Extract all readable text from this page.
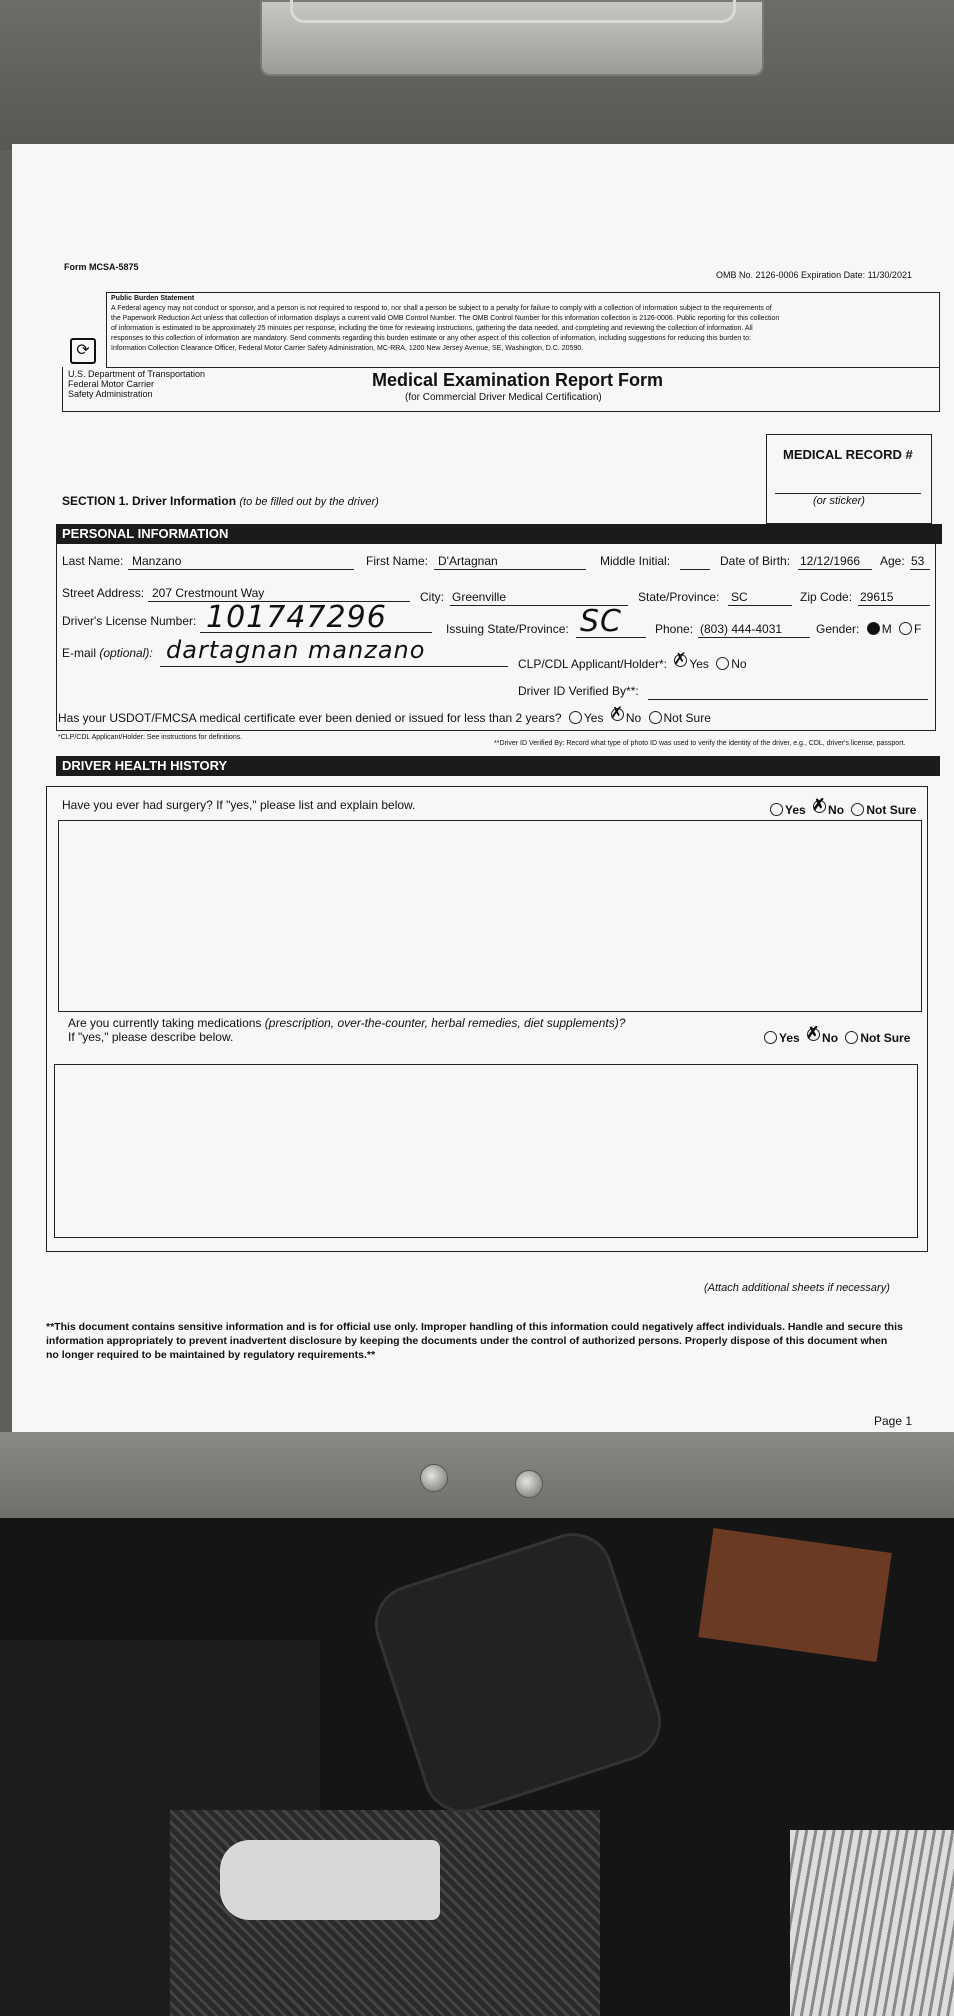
Form MCSA-5875
OMB No. 2126-0006 Expiration Date: 11/30/2021
Public Burden Statement
A Federal agency may not conduct or sponsor, and a person is not required to respond to, nor shall a person be subject to a penalty for failure to comply with a collection of information subject to the requirements of
the Paperwork Reduction Act unless that collection of information displays a current valid OMB Control Number. The OMB Control Number for this information collection is 2126-0006. Public reporting for this collection
of information is estimated to be approximately 25 minutes per response, including the time for reviewing instructions, gathering the data needed, and completing and reviewing the collection of information. All
responses to this collection of information are mandatory. Send comments regarding this burden estimate or any other aspect of this collection of information, including suggestions for reducing this burden to:
Information Collection Clearance Officer, Federal Motor Carrier Safety Administration, MC-RRA, 1200 New Jersey Avenue, SE, Washington, D.C. 20590.
⟳
U.S. Department of Transportation
Federal Motor Carrier
Safety Administration
Medical Examination Report Form
(for Commercial Driver Medical Certification)
MEDICAL RECORD #
(or sticker)
SECTION 1. Driver Information (to be filled out by the driver)
PERSONAL INFORMATION
Last Name: Manzano	First Name: D'Artagnan	Middle Initial:	Date of Birth: 12/12/1966 Age: 53
Street Address: 207 Crestmount Way	City: Greenville	State/Province: SC	Zip Code: 29615
Driver's License Number: 101747296	Issuing State/Province: SC	Phone: (803) 444-4031	Gender: M F
E-mail (optional): dartagnan manzano	CLP/CDL Applicant/Holder*: ✗ Yes No
Driver ID Verified By**:
Has your USDOT/FMCSA medical certificate ever been denied or issued for less than 2 years? Yes ✗ No Not Sure
*CLP/CDL Applicant/Holder: See instructions for definitions.
**Driver ID Verified By: Record what type of photo ID was used to verify the identity of the driver, e.g., CDL, driver's license, passport.
DRIVER HEALTH HISTORY
Have you ever had surgery? If "yes," please list and explain below.	Yes ✗ No Not Sure
Are you currently taking medications (prescription, over-the-counter, herbal remedies, diet supplements)?
If "yes," please describe below.	Yes ✗ No Not Sure
(Attach additional sheets if necessary)
**This document contains sensitive information and is for official use only. Improper handling of this information could negatively affect individuals. Handle and secure this
information appropriately to prevent inadvertent disclosure by keeping the documents under the control of authorized persons. Properly dispose of this document when
no longer required to be maintained by regulatory requirements.**
Page 1
